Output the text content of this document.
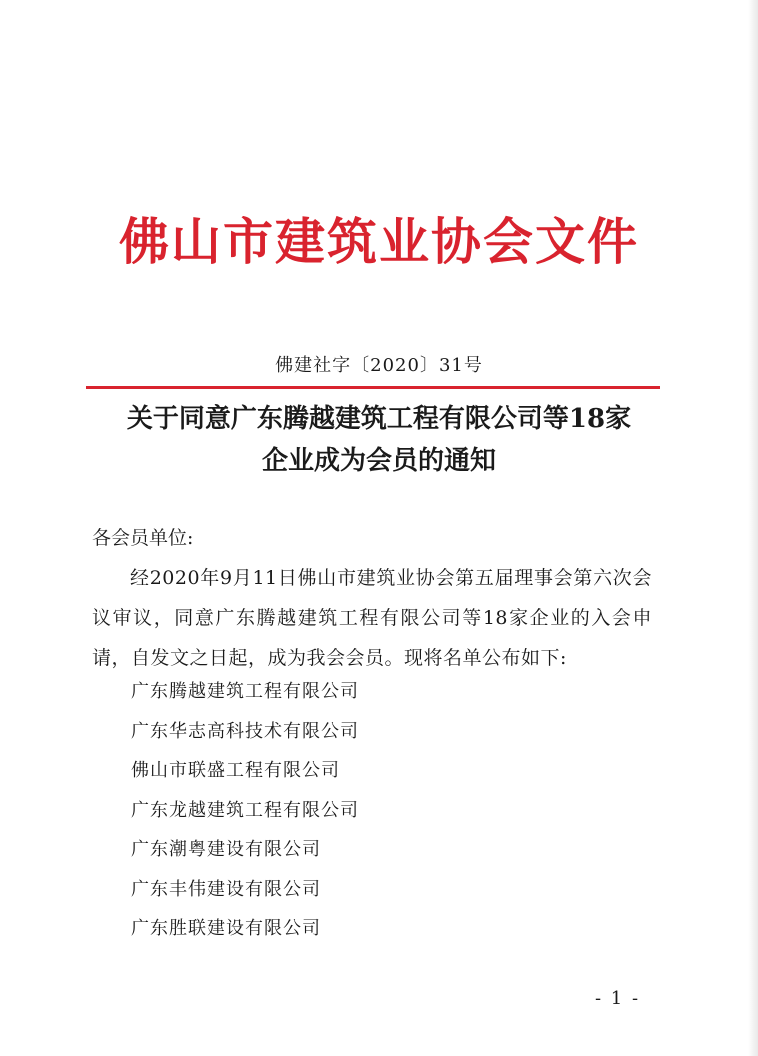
佛山市建筑业协会文件
佛建社字〔2020〕31号
关于同意广东腾越建筑工程有限公司等18家
企业成为会员的通知
各会员单位:
经2020年9月11日佛山市建筑业协会第五届理事会第六次会议审议，同意广东腾越建筑工程有限公司等18家企业的入会申请，自发文之日起，成为我会会员。现将名单公布如下:
广东腾越建筑工程有限公司
广东华志高科技术有限公司
佛山市联盛工程有限公司
广东龙越建筑工程有限公司
广东潮粤建设有限公司
广东丰伟建设有限公司
广东胜联建设有限公司
- 1 -
